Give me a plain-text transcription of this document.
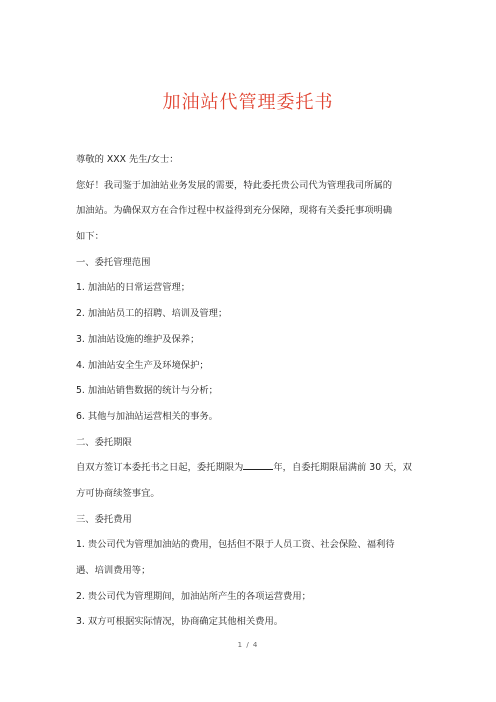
加油站代管理委托书
尊敬的 XXX 先生/女士：
您好！我司鉴于加油站业务发展的需要，特此委托贵公司代为管理我司所属的
加油站。为确保双方在合作过程中权益得到充分保障，现将有关委托事项明确
如下：
一、委托管理范围
1. 加油站的日常运营管理；
2. 加油站员工的招聘、培训及管理；
3. 加油站设施的维护及保养；
4. 加油站安全生产及环境保护；
5. 加油站销售数据的统计与分析；
6. 其他与加油站运营相关的事务。
二、委托期限
自双方签订本委托书之日起，委托期限为	年，自委托期限届满前 30 天，双
方可协商续签事宜。
三、委托费用
1. 贵公司代为管理加油站的费用，包括但不限于人员工资、社会保险、福利待
遇、培训费用等；
2. 贵公司代为管理期间，加油站所产生的各项运营费用；
3. 双方可根据实际情况，协商确定其他相关费用。
1 / 4
